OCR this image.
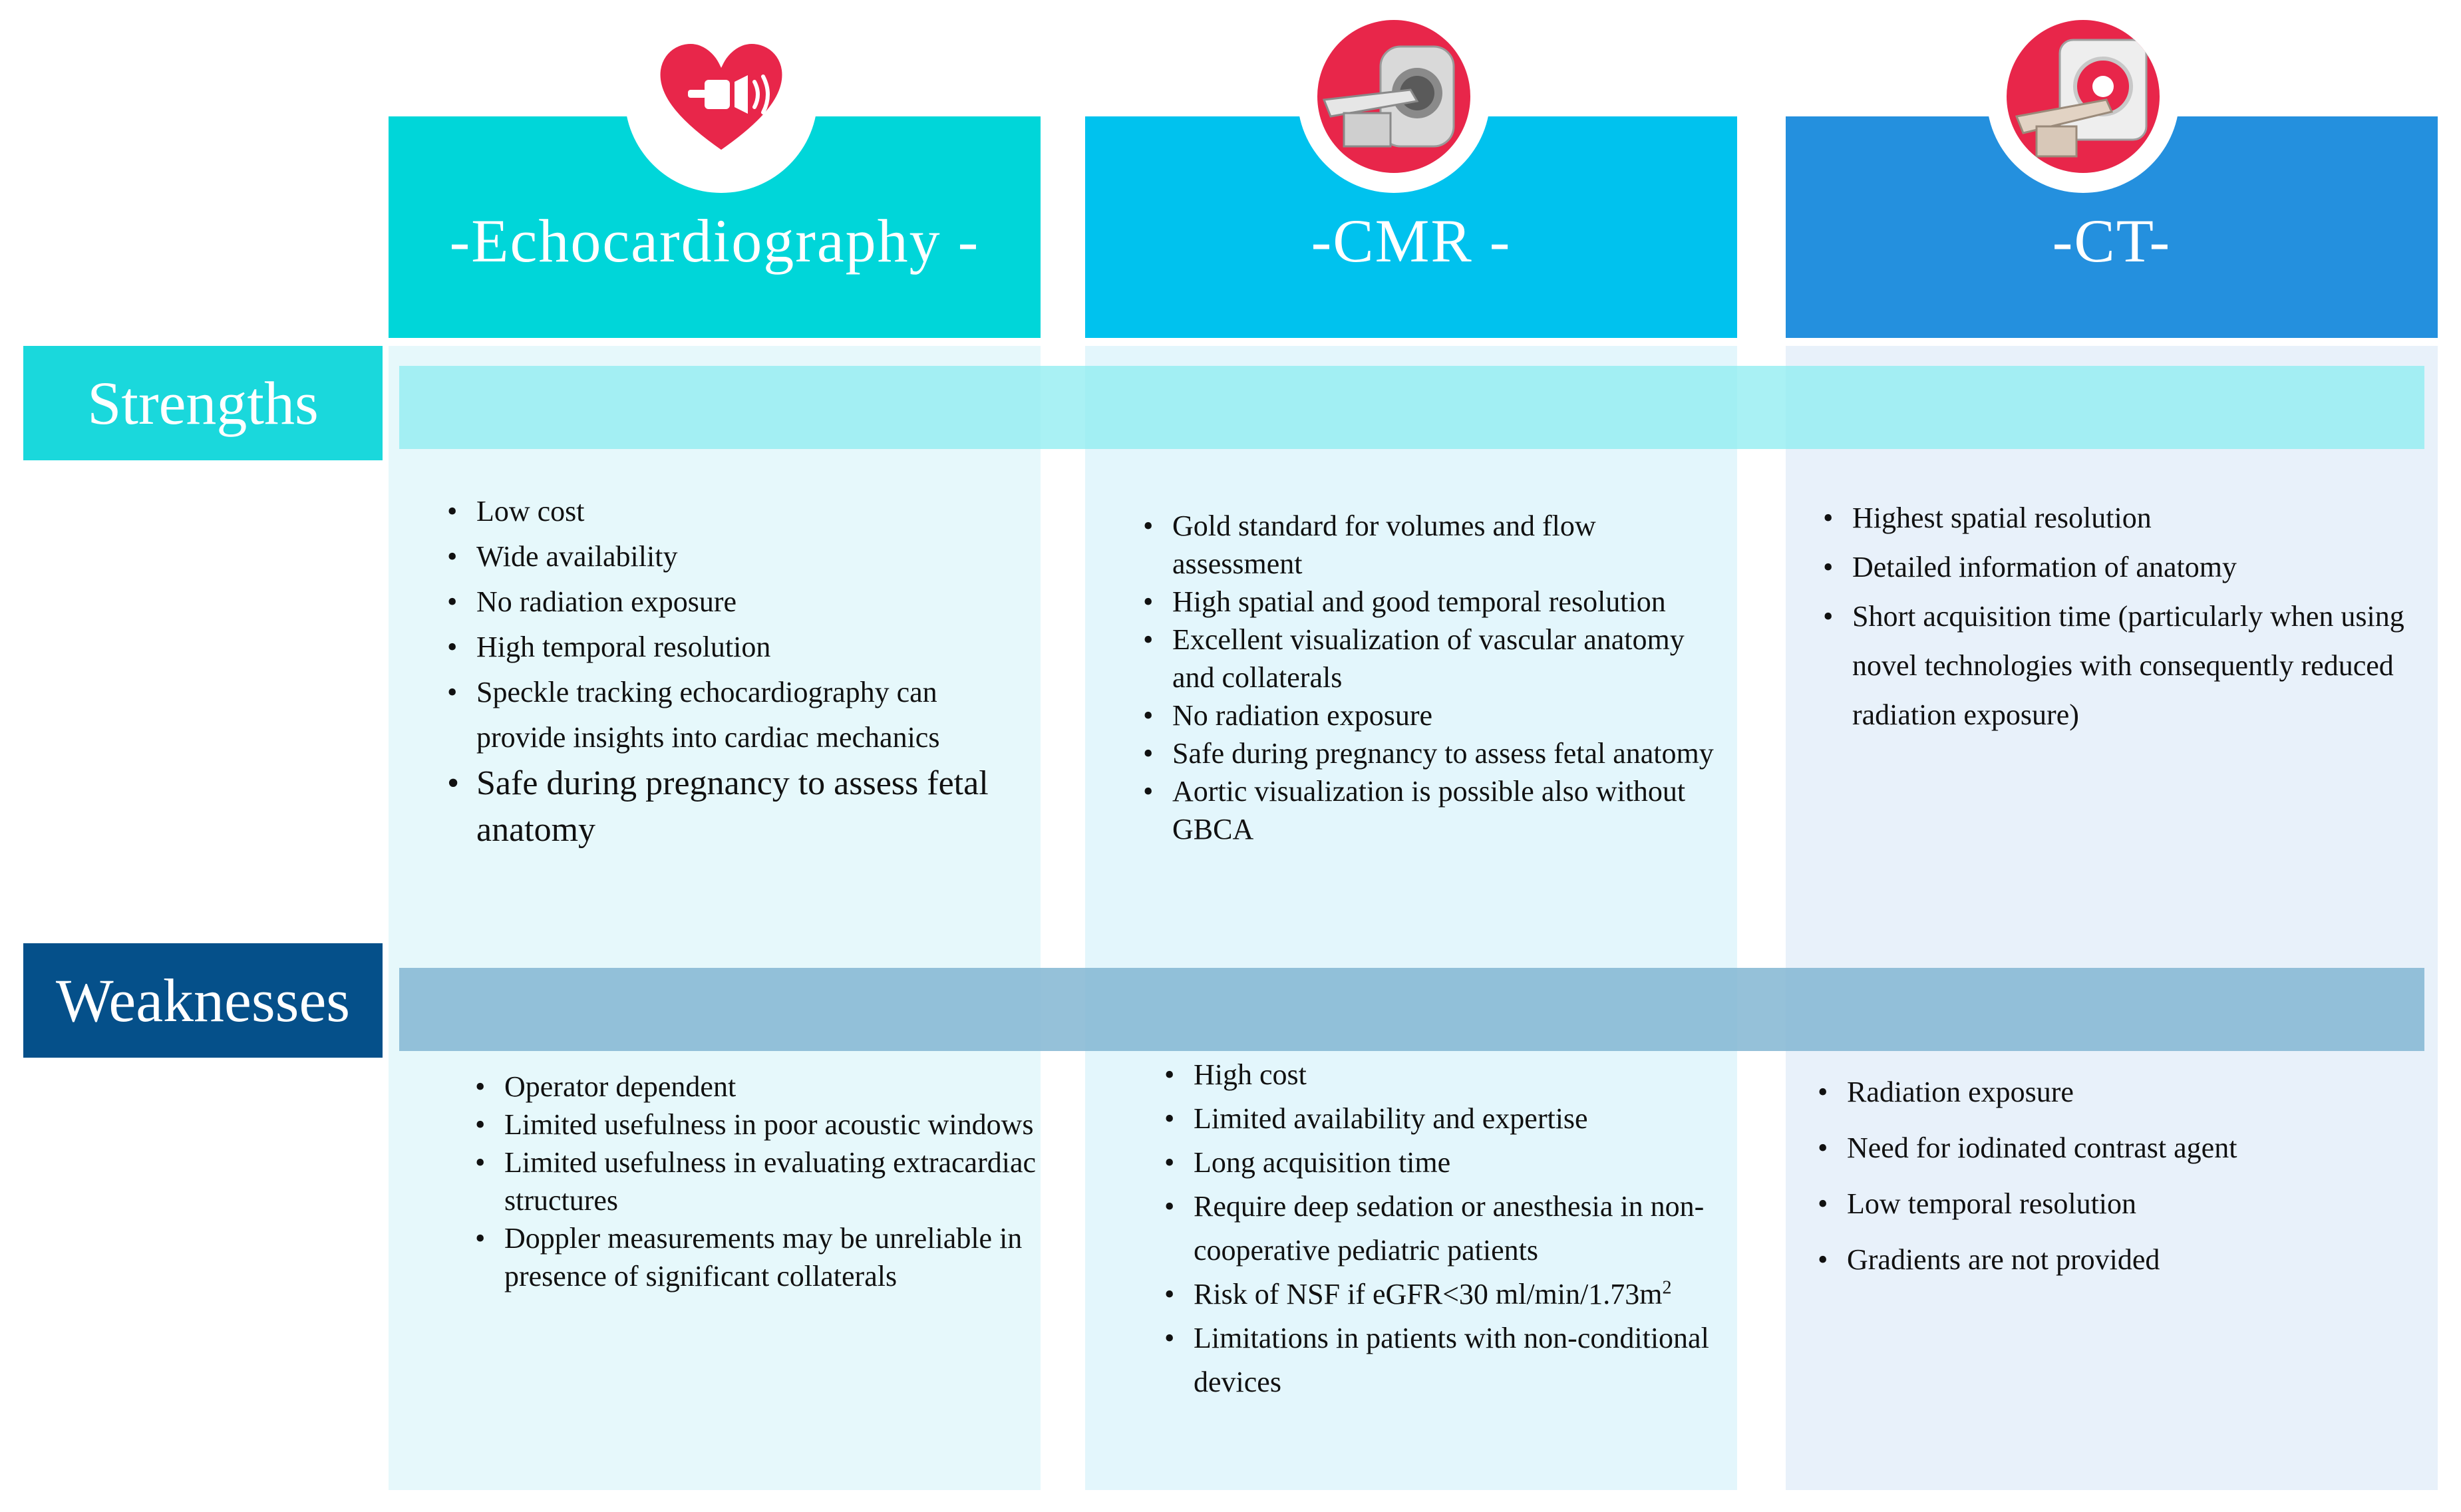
-Echocardiography -	-CMR -	-CT-
Strengths
Weaknesses
• Low cost
• Wide availability
• No radiation exposure
• High temporal resolution
• Speckle tracking echocardiography can provide insights into cardiac mechanics
• Safe during pregnancy to assess fetal anatomy
• Gold standard for volumes and flow assessment
• High spatial and good temporal resolution
• Excellent visualization of vascular anatomy and collaterals
• No radiation exposure
• Safe during pregnancy to assess fetal anatomy
• Aortic visualization is possible also without GBCA
• Highest spatial resolution
• Detailed information of anatomy
• Short acquisition time (particularly when using novel technologies with consequently reduced radiation exposure)
• Operator dependent
• Limited usefulness in poor acoustic windows
• Limited usefulness in evaluating extracardiac structures
• Doppler measurements may be unreliable in presence of significant collaterals
• High cost
• Limited availability and expertise
• Long acquisition time
• Require deep sedation or anesthesia in non-cooperative pediatric patients
• Risk of NSF if eGFR<30 $ml/\min/1.73m^2$
• Limitations in patients with non-conditional devices
• Radiation exposure
• Need for iodinated contrast agent
• Low temporal resolution
• Gradients are not provided
